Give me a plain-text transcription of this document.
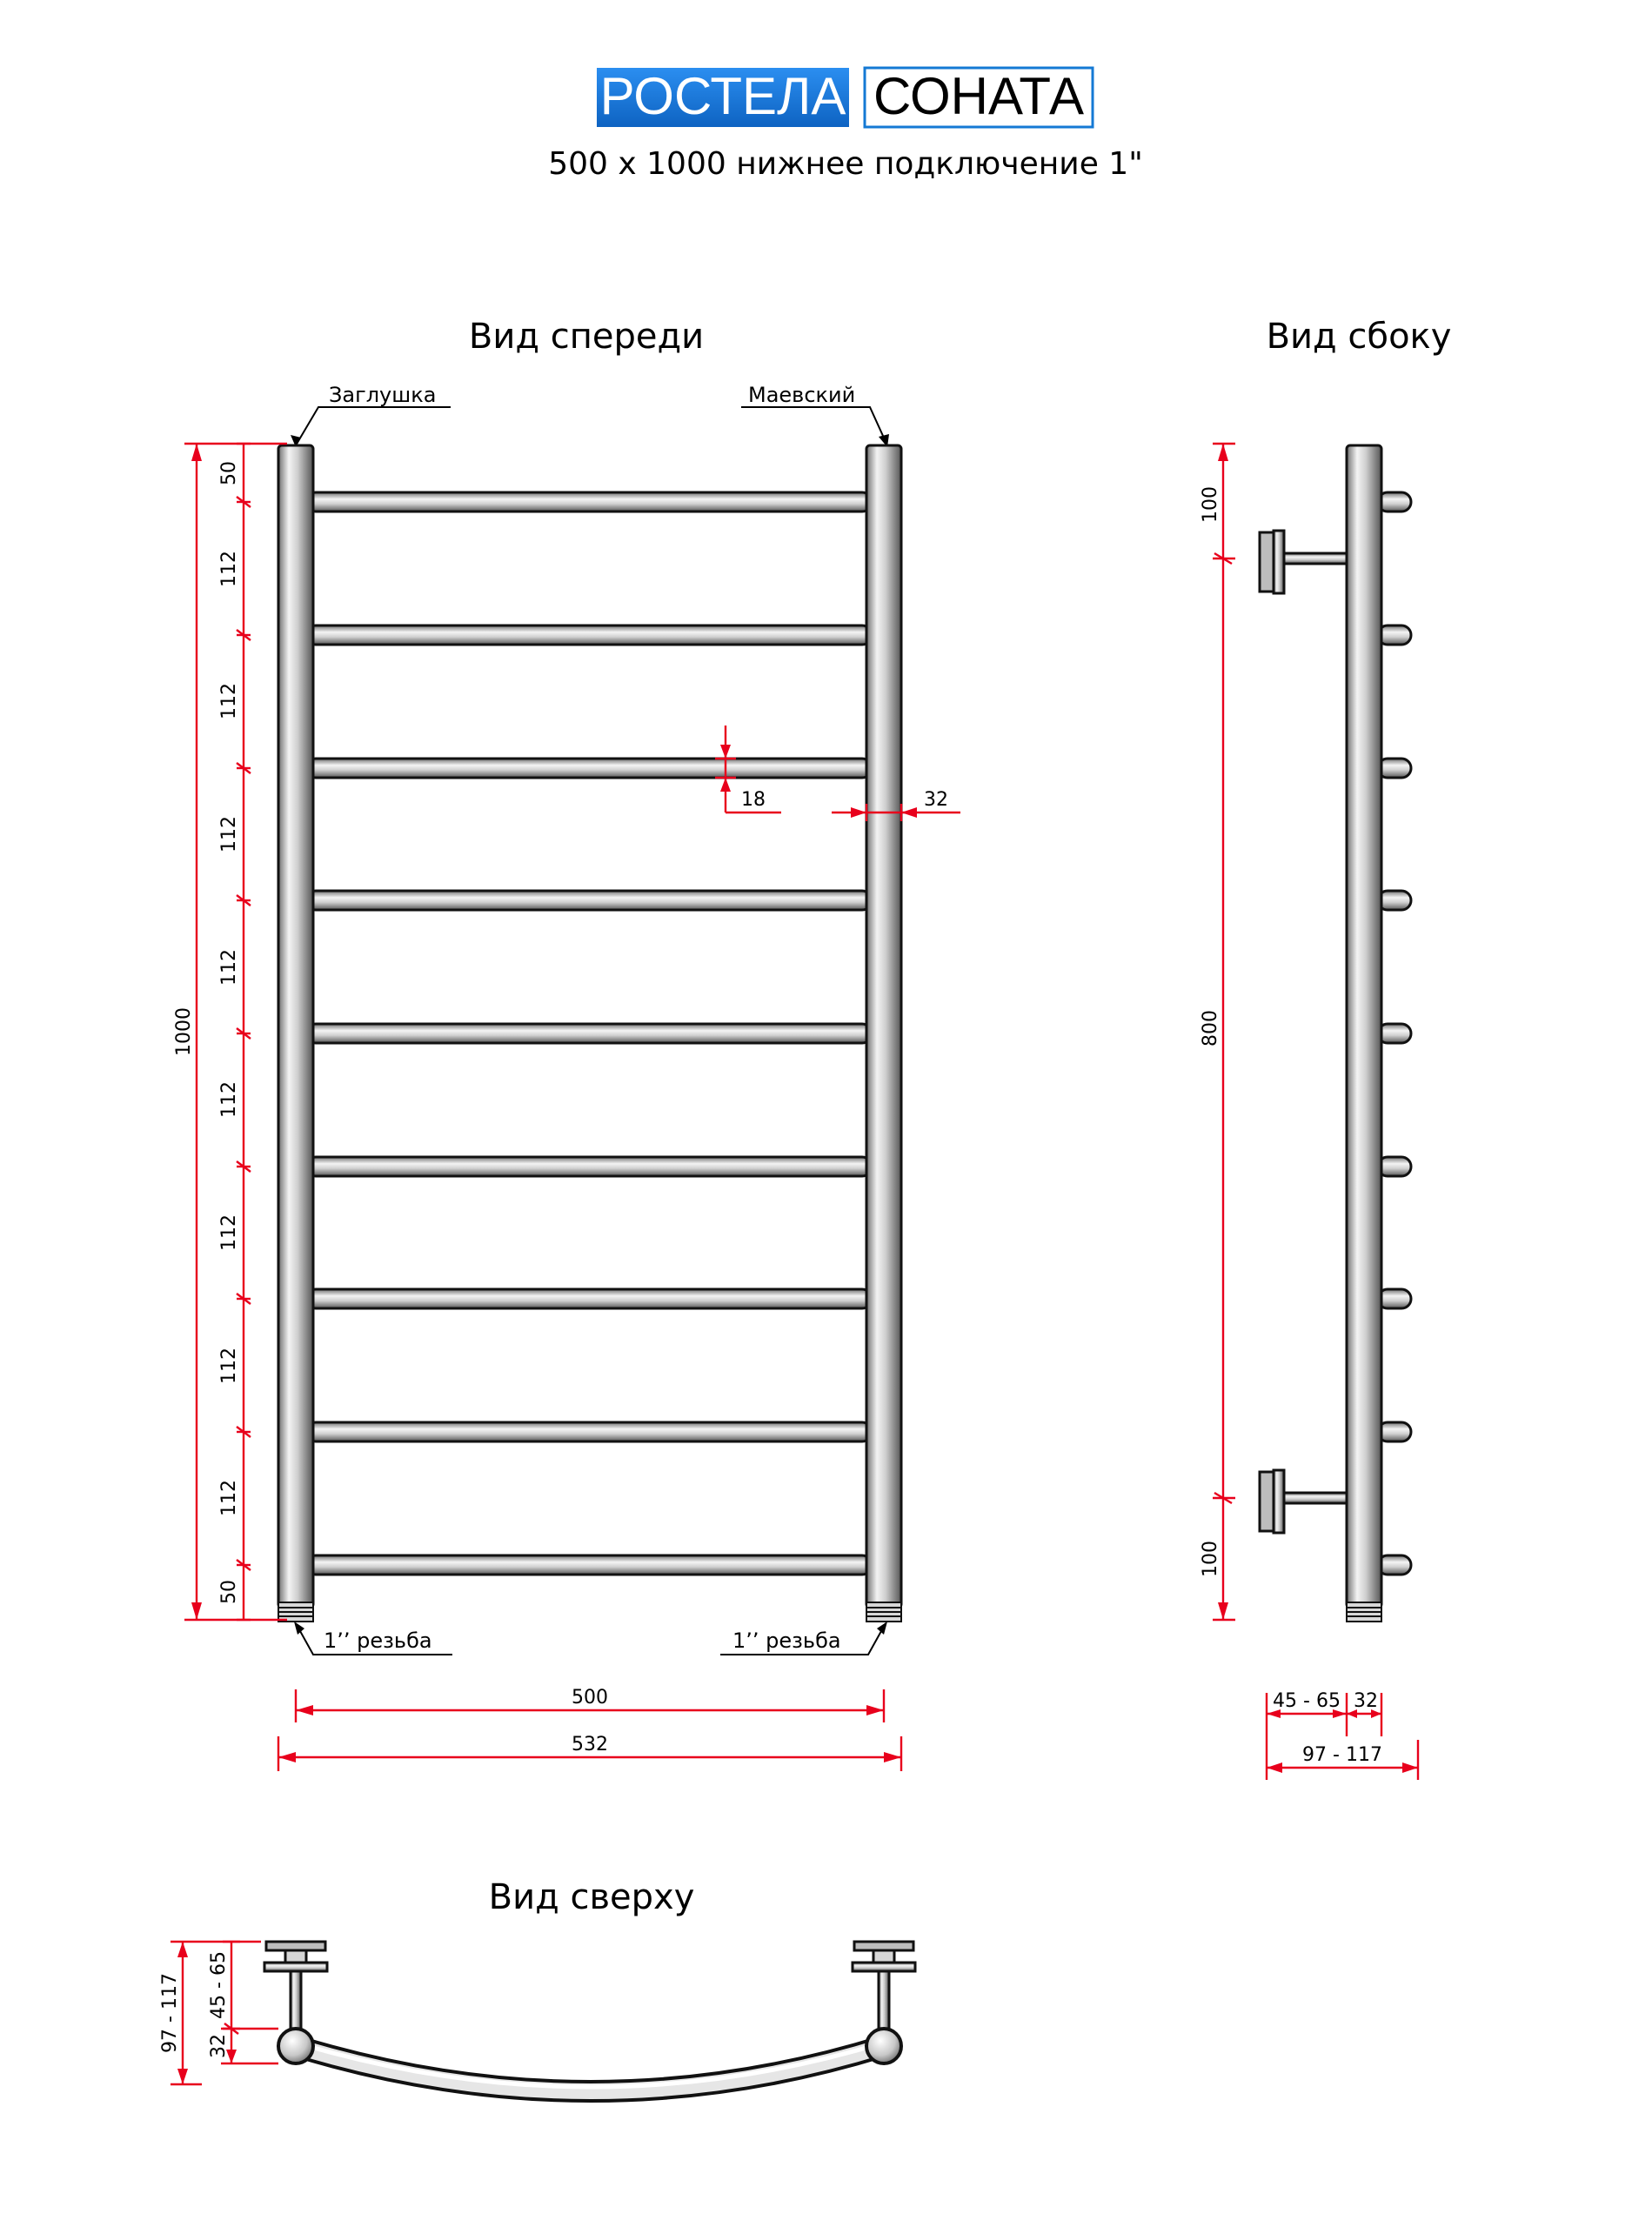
РОСТЕЛА СОНАТА
500 х 1000 нижнее подключение 1"
Вид спереди
Заглушка	Маевский
1’’ резьба	1’’ резьба
1000
50
112
112
112
112
112
112
112
112
50
18	32
500
532
Вид сбоку
100
800
100
45 - 65 32
97 - 117
Вид сверху
97 - 117 45 - 65
32
